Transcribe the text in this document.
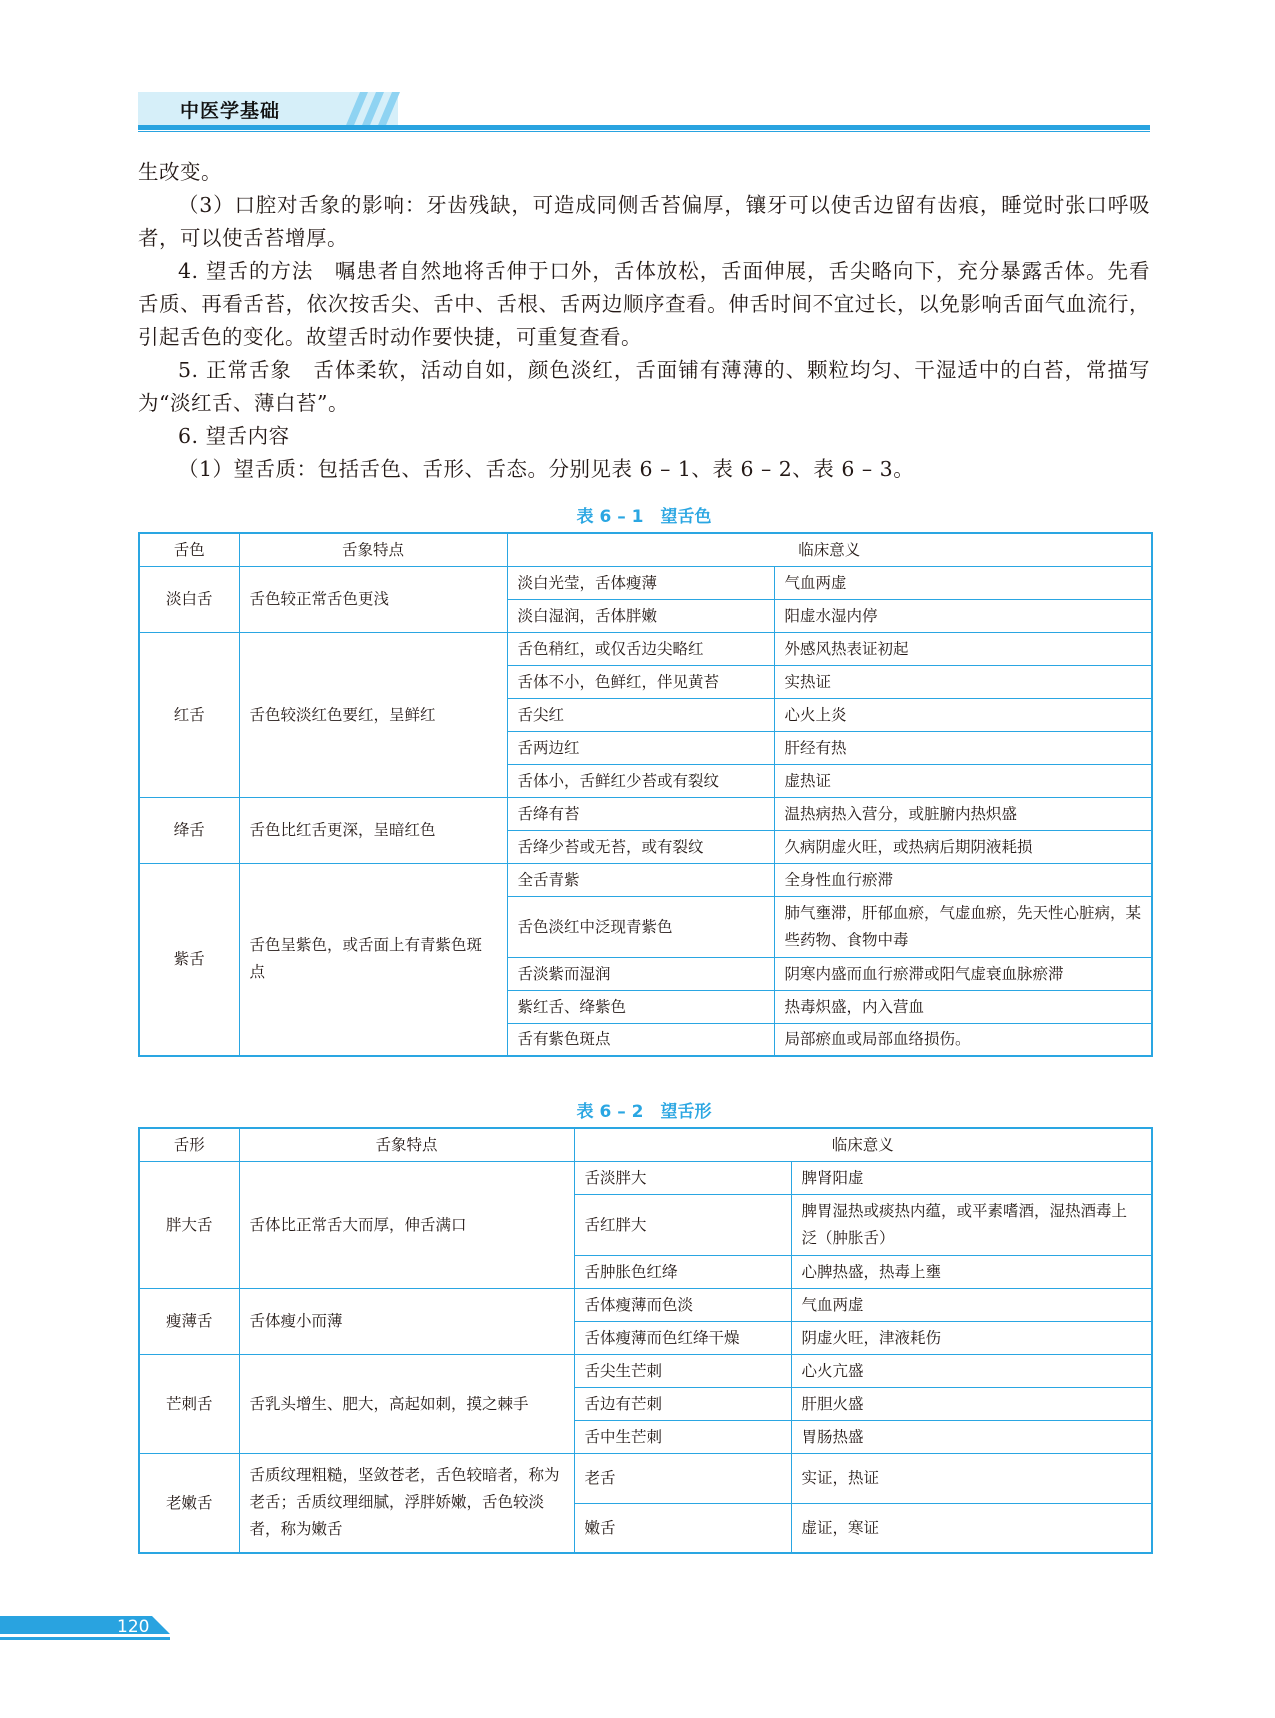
中医学基础

生改变。

（3）口腔对舌象的影响：牙齿残缺，可造成同侧舌苔偏厚，镶牙可以使舌边留有齿痕，睡觉时张口呼吸者，可以使舌苔增厚。

4. 望舌的方法　嘱患者自然地将舌伸于口外，舌体放松，舌面伸展，舌尖略向下，充分暴露舌体。先看舌质、再看舌苔，依次按舌尖、舌中、舌根、舌两边顺序查看。伸舌时间不宜过长，以免影响舌面气血流行，引起舌色的变化。故望舌时动作要快捷，可重复查看。

5. 正常舌象　舌体柔软，活动自如，颜色淡红，舌面铺有薄薄的、颗粒均匀、干湿适中的白苔，常描写为“淡红舌、薄白苔”。

6. 望舌内容

（1）望舌质：包括舌色、舌形、舌态。分别见表 6 – 1、表 6 – 2、表 6 – 3。

表 6 – 1　望舌色
舌色	舌象特点	临床意义	
淡白舌	舌色较正常舌色更浅	淡白光莹，舌体瘦薄	气血两虚
		淡白湿润，舌体胖嫩	阳虚水湿内停
红舌	舌色较淡红色要红，呈鲜红	舌色稍红，或仅舌边尖略红	外感风热表证初起
		舌体不小，色鲜红，伴见黄苔	实热证
		舌尖红	心火上炎
		舌两边红	肝经有热
		舌体小，舌鲜红少苔或有裂纹	虚热证
绛舌	舌色比红舌更深，呈暗红色	舌绛有苔	温热病热入营分，或脏腑内热炽盛
		舌绛少苔或无苔，或有裂纹	久病阴虚火旺，或热病后期阴液耗损
紫舌	舌色呈紫色，或舌面上有青紫色斑点	全舌青紫	全身性血行瘀滞
		舌色淡红中泛现青紫色	肺气壅滞，肝郁血瘀，气虚血瘀，先天性心脏病，某些药物、食物中毒
		舌淡紫而湿润	阴寒内盛而血行瘀滞或阳气虚衰血脉瘀滞
		紫红舌、绛紫色	热毒炽盛，内入营血
		舌有紫色斑点	局部瘀血或局部血络损伤。
表 6 – 2　望舌形
舌形	舌象特点	临床意义	
胖大舌	舌体比正常舌大而厚，伸舌满口	舌淡胖大	脾肾阳虚
		舌红胖大	脾胃湿热或痰热内蕴，或平素嗜酒，湿热酒毒上泛（肿胀舌）
		舌肿胀色红绛	心脾热盛，热毒上壅
瘦薄舌	舌体瘦小而薄	舌体瘦薄而色淡	气血两虚
		舌体瘦薄而色红绛干燥	阴虚火旺，津液耗伤
芒刺舌	舌乳头增生、肥大，高起如刺，摸之棘手	舌尖生芒刺	心火亢盛
		舌边有芒刺	肝胆火盛
		舌中生芒刺	胃肠热盛
老嫩舌	舌质纹理粗糙，坚敛苍老，舌色较暗者，称为老舌；舌质纹理细腻，浮胖娇嫩，舌色较淡者，称为嫩舌	老舌	实证，热证
		嫩舌	虚证，寒证
120
